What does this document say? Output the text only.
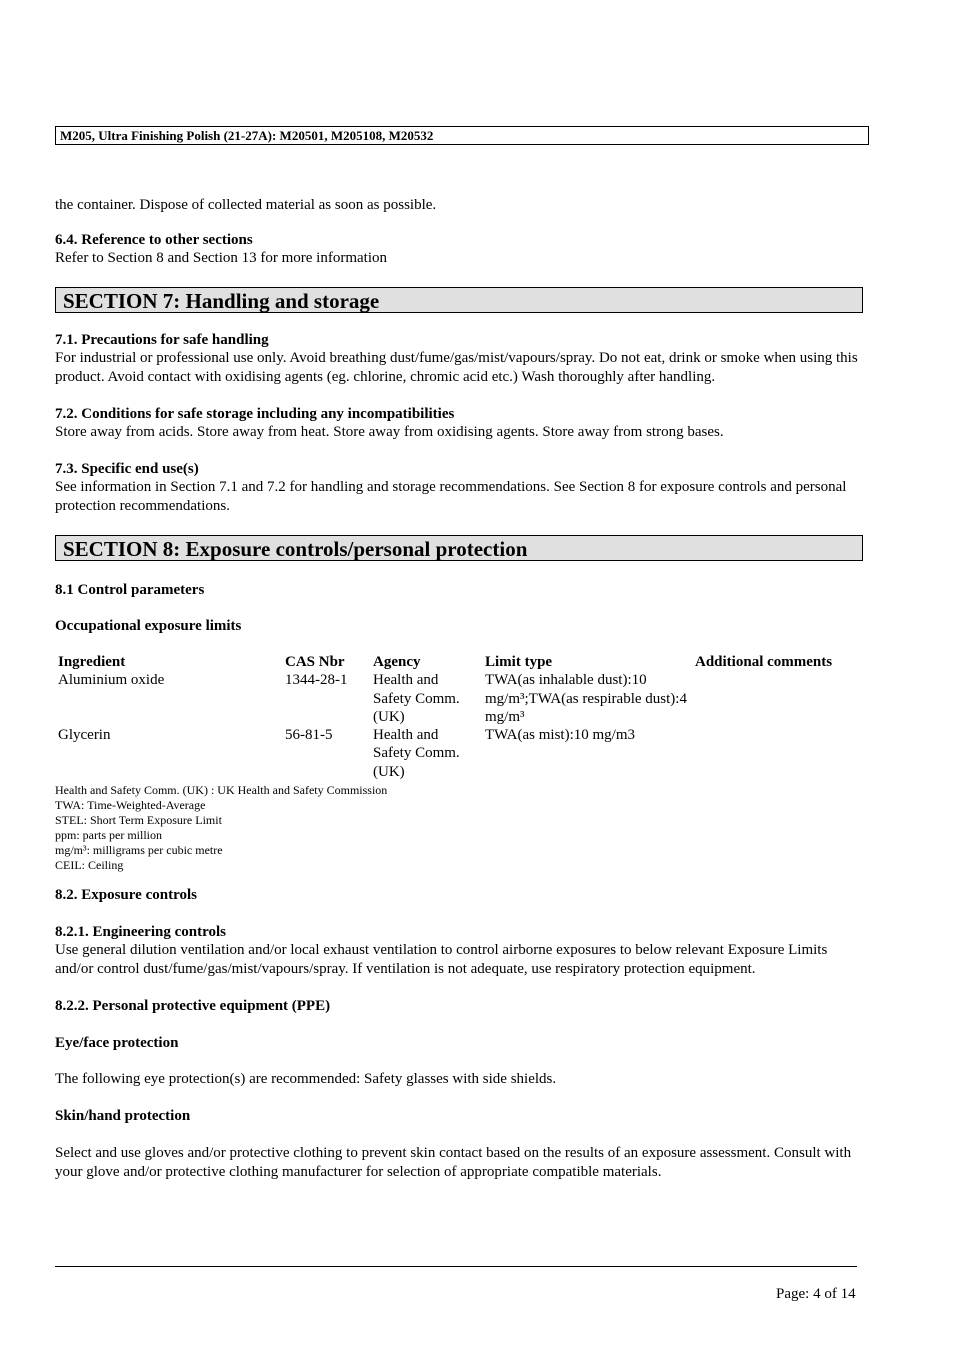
M205, Ultra Finishing Polish (21-27A): M20501, M205108, M20532
the container. Dispose of collected material as soon as possible.
6.4. Reference to other sections
Refer to Section 8 and Section 13 for more information
SECTION 7: Handling and storage
7.1. Precautions for safe handling
For industrial or professional use only. Avoid breathing dust/fume/gas/mist/vapours/spray. Do not eat, drink or smoke when using this product. Avoid contact with oxidising agents (eg. chlorine, chromic acid etc.) Wash thoroughly after handling.
7.2. Conditions for safe storage including any incompatibilities
Store away from acids. Store away from heat. Store away from oxidising agents. Store away from strong bases.
7.3. Specific end use(s)
See information in Section 7.1 and 7.2 for handling and storage recommendations. See Section 8 for exposure controls and personal protection recommendations.
SECTION 8: Exposure controls/personal protection
8.1 Control parameters
Occupational exposure limits
Ingredient	CAS Nbr	Agency	Limit type	Additional comments
Aluminium oxide	1344-28-1	Health and Safety Comm. (UK)	TWA(as inhalable dust):10 mg/m³;TWA(as respirable dust):4 mg/m³	
Glycerin	56-81-5	Health and Safety Comm. (UK)	TWA(as mist):10 mg/m3	
Health and Safety Comm. (UK) : UK Health and Safety Commission
TWA: Time-Weighted-Average
STEL: Short Term Exposure Limit
ppm: parts per million
mg/m³: milligrams per cubic metre
CEIL: Ceiling
8.2. Exposure controls
8.2.1. Engineering controls
Use general dilution ventilation and/or local exhaust ventilation to control airborne exposures to below relevant Exposure Limits and/or control dust/fume/gas/mist/vapours/spray. If ventilation is not adequate, use respiratory protection equipment.
8.2.2. Personal protective equipment (PPE)
Eye/face protection
The following eye protection(s) are recommended: Safety glasses with side shields.
Skin/hand protection
Select and use gloves and/or protective clothing to prevent skin contact based on the results of an exposure assessment. Consult with your glove and/or protective clothing manufacturer for selection of appropriate compatible materials.
Page: 4 of 14
